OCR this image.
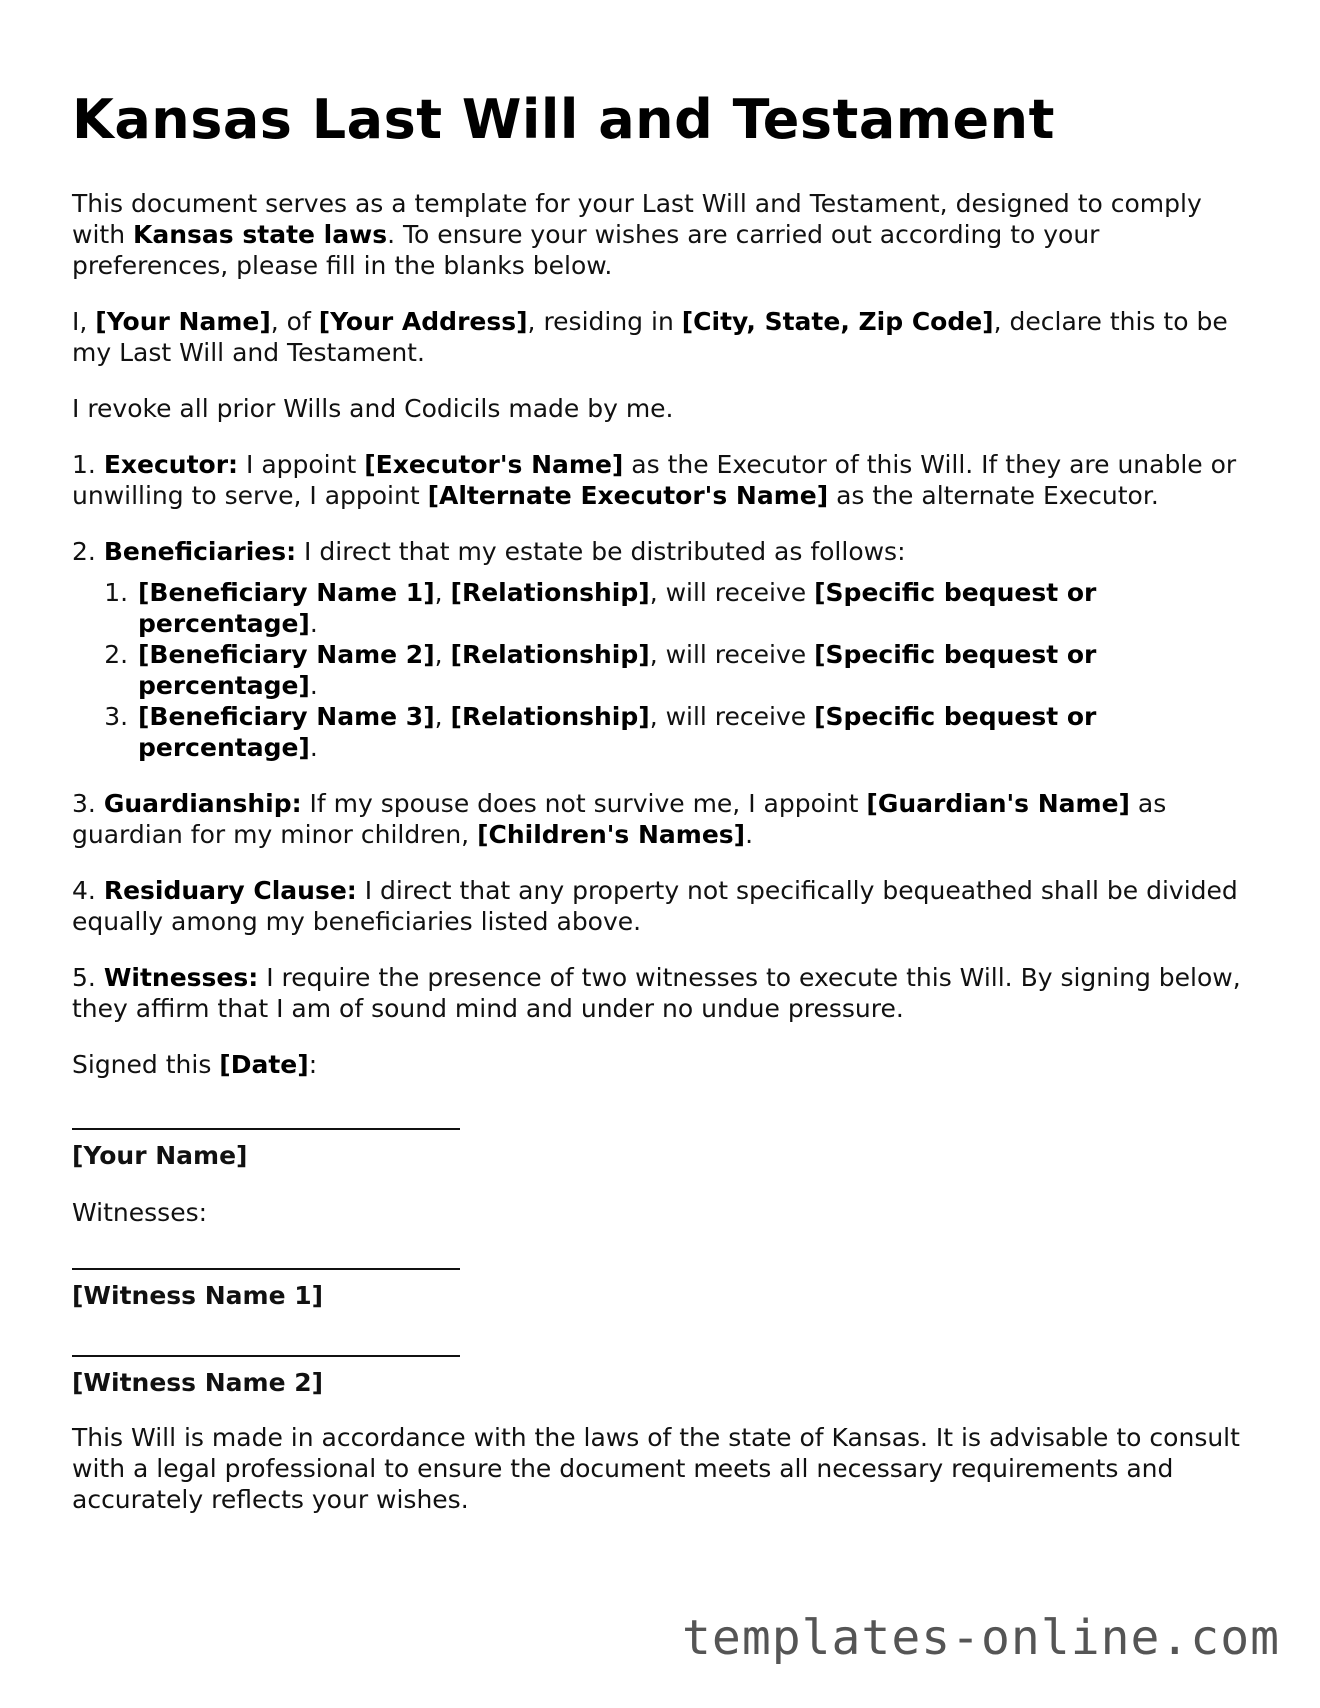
Kansas Last Will and Testament

This document serves as a template for your Last Will and Testament, designed to comply with Kansas state laws. To ensure your wishes are carried out according to your preferences, please fill in the blanks below.

I, [Your Name], of [Your Address], residing in [City, State, Zip Code], declare this to be my Last Will and Testament.

I revoke all prior Wills and Codicils made by me.

1. Executor: I appoint [Executor's Name] as the Executor of this Will. If they are unable or unwilling to serve, I appoint [Alternate Executor's Name] as the alternate Executor.

2. Beneficiaries: I direct that my estate be distributed as follows:

1. [Beneficiary Name 1], [Relationship], will receive [Specific bequest or percentage].
2. [Beneficiary Name 2], [Relationship], will receive [Specific bequest or percentage].
3. [Beneficiary Name 3], [Relationship], will receive [Specific bequest or percentage].

3. Guardianship: If my spouse does not survive me, I appoint [Guardian's Name] as guardian for my minor children, [Children's Names].

4. Residuary Clause: I direct that any property not specifically bequeathed shall be divided equally among my beneficiaries listed above.

5. Witnesses: I require the presence of two witnesses to execute this Will. By signing below, they affirm that I am of sound mind and under no undue pressure.

Signed this [Date]:

[Your Name]

Witnesses:

[Witness Name 1]
[Witness Name 2]

This Will is made in accordance with the laws of the state of Kansas. It is advisable to consult with a legal professional to ensure the document meets all necessary requirements and accurately reflects your wishes.

templates-online.com
